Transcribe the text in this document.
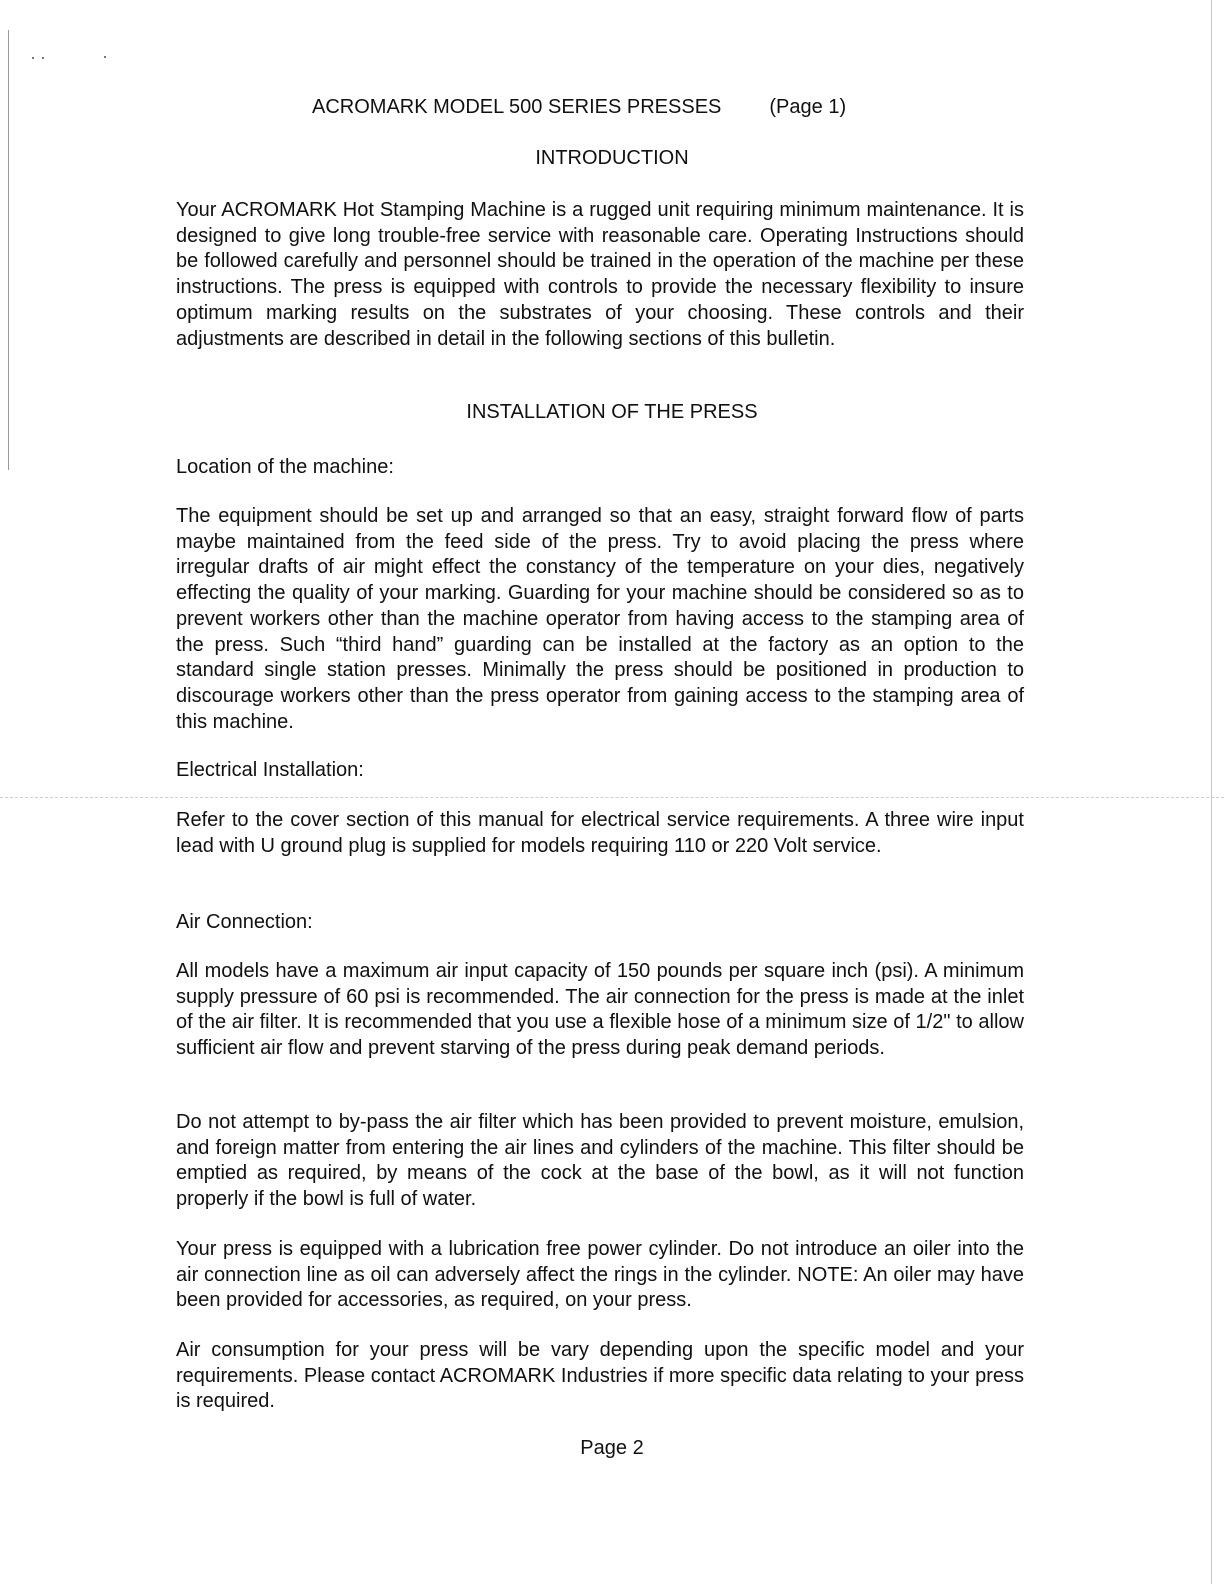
ACROMARK MODEL 500 SERIES PRESSES (Page 1)
INTRODUCTION
Your ACROMARK Hot Stamping Machine is a rugged unit requiring minimum maintenance. It is designed to give long trouble-free service with reasonable care. Operating Instructions should be followed carefully and personnel should be trained in the operation of the machine per these instructions. The press is equipped with controls to provide the necessary flexibility to insure optimum marking results on the substrates of your choosing. These controls and their adjustments are described in detail in the following sections of this bulletin.
INSTALLATION OF THE PRESS
Location of the machine:
The equipment should be set up and arranged so that an easy, straight forward flow of parts maybe maintained from the feed side of the press. Try to avoid placing the press where irregular drafts of air might effect the constancy of the temperature on your dies, negatively effecting the quality of your marking. Guarding for your machine should be considered so as to prevent workers other than the machine operator from having access to the stamping area of the press. Such “third hand” guarding can be installed at the factory as an option to the standard single station presses. Minimally the press should be positioned in production to discourage workers other than the press operator from gaining access to the stamping area of this machine.
Electrical Installation:
Refer to the cover section of this manual for electrical service requirements. A three wire input lead with U ground plug is supplied for models requiring 110 or 220 Volt service.
Air Connection:
All models have a maximum air input capacity of 150 pounds per square inch (psi). A minimum supply pressure of 60 psi is recommended. The air connection for the press is made at the inlet of the air filter. It is recommended that you use a flexible hose of a minimum size of 1/2" to allow sufficient air flow and prevent starving of the press during peak demand periods.
Do not attempt to by-pass the air filter which has been provided to prevent moisture, emulsion, and foreign matter from entering the air lines and cylinders of the machine. This filter should be emptied as required, by means of the cock at the base of the bowl, as it will not function properly if the bowl is full of water.
Your press is equipped with a lubrication free power cylinder. Do not introduce an oiler into the air connection line as oil can adversely affect the rings in the cylinder. NOTE: An oiler may have been provided for accessories, as required, on your press.
Air consumption for your press will be vary depending upon the specific model and your requirements. Please contact ACROMARK Industries if more specific data relating to your press is required.
Page 2
